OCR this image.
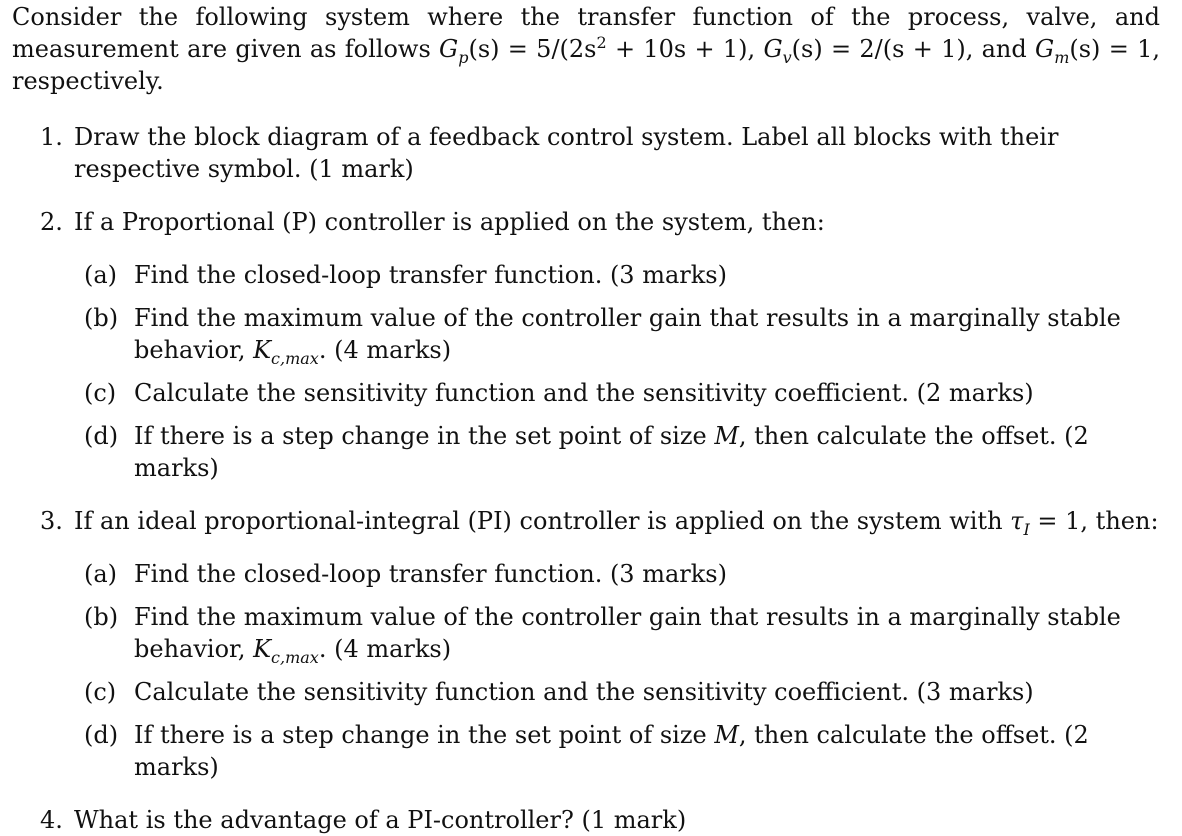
Consider the following system where the transfer function of the process, valve, and measurement are given as follows $G_p(s) = 5/(2s^2 + 10s + 1)$, $G_v(s) = 2/(s + 1)$, and $G_m(s) = 1$, respectively.

1. Draw the block diagram of a feedback control system. Label all blocks with their respective symbol. (1 mark)
2. If a Proportional (P) controller is applied on the system, then:
(a) Find the closed-loop transfer function. (3 marks)
(b) Find the maximum value of the controller gain that results in a marginally stable behavior, $K_{c,max}$. (4 marks)
(c) Calculate the sensitivity function and the sensitivity coefficient. (2 marks)
(d) If there is a step change in the set point of size M, then calculate the offset. (2 marks)
3. If an ideal proportional-integral (PI) controller is applied on the system with $\tau_I = 1$, then:
(a) Find the closed-loop transfer function. (3 marks)
(b) Find the maximum value of the controller gain that results in a marginally stable behavior, $K_{c,max}$. (4 marks)
(c) Calculate the sensitivity function and the sensitivity coefficient. (3 marks)
(d) If there is a step change in the set point of size M, then calculate the offset. (2 marks)
4. What is the advantage of a PI-controller? (1 mark)
